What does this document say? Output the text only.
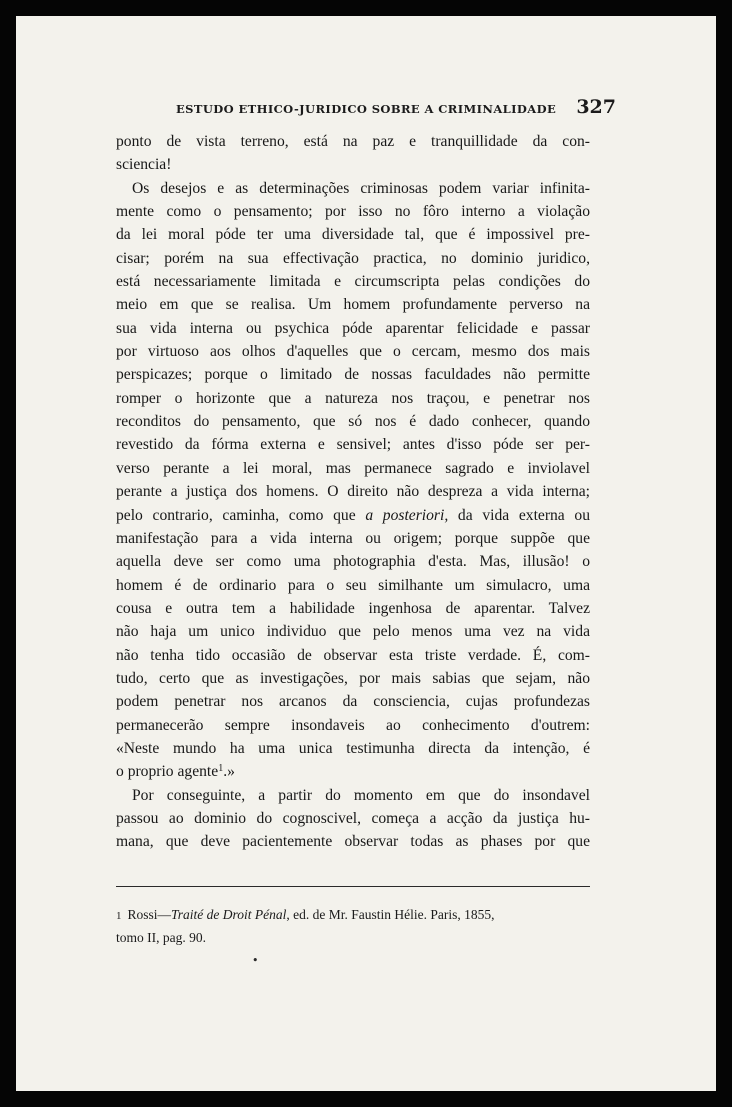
ESTUDO ETHICO-JURIDICO SOBRE A CRIMINALIDADE 327
ponto de vista terreno, está na paz e tranquillidade da con-
sciencia!
Os desejos e as determinações criminosas podem variar infinita-
mente como o pensamento; por isso no fôro interno a violação
da lei moral póde ter uma diversidade tal, que é impossivel pre-
cisar; porém na sua effectivação practica, no dominio juridico,
está necessariamente limitada e circumscripta pelas condições do
meio em que se realisa. Um homem profundamente perverso na
sua vida interna ou psychica póde aparentar felicidade e passar
por virtuoso aos olhos d'aquelles que o cercam, mesmo dos mais
perspicazes; porque o limitado de nossas faculdades não permitte
romper o horizonte que a natureza nos traçou, e penetrar nos
reconditos do pensamento, que só nos é dado conhecer, quando
revestido da fórma externa e sensivel; antes d'isso póde ser per-
verso perante a lei moral, mas permanece sagrado e inviolavel
perante a justiça dos homens. O direito não despreza a vida interna;
pelo contrario, caminha, como que a posteriori, da vida externa ou
manifestação para a vida interna ou origem; porque suppõe que
aquella deve ser como uma photographia d'esta. Mas, illusão! o
homem é de ordinario para o seu similhante um simulacro, uma
cousa e outra tem a habilidade ingenhosa de aparentar. Talvez
não haja um unico individuo que pelo menos uma vez na vida
não tenha tido occasião de observar esta triste verdade. É, com-
tudo, certo que as investigações, por mais sabias que sejam, não
podem penetrar nos arcanos da consciencia, cujas profundezas
permanecerão sempre insondaveis ao conhecimento d'outrem:
«Neste mundo ha uma unica testimunha directa da intenção, é
o proprio agente$^1$.»
Por conseguinte, a partir do momento em que do insondavel
passou ao dominio do cognoscivel, começa a acção da justiça hu-
mana, que deve pacientemente observar todas as phases por que
1 Rossi—Traité de Droit Pénal, ed. de Mr. Faustin Hélie. Paris, 1855,
tomo II, pag. 90.
•
